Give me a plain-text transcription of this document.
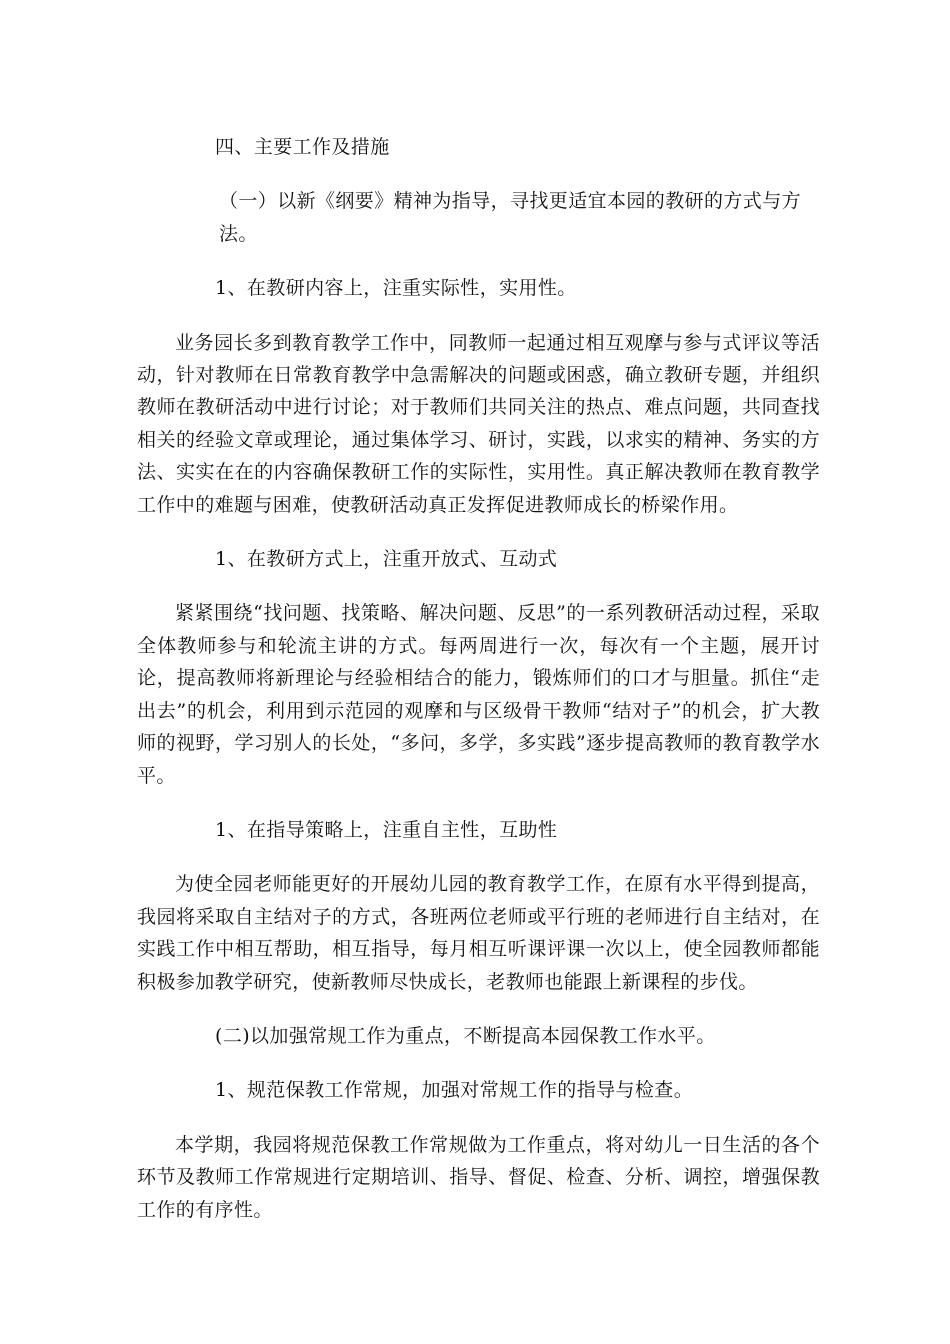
四、主要工作及措施

（一）以新《纲要》精神为指导，寻找更适宜本园的教研的方式与方法。

1、在教研内容上，注重实际性，实用性。

业务园长多到教育教学工作中，同教师一起通过相互观摩与参与式评议等活动，针对教师在日常教育教学中急需解决的问题或困惑，确立教研专题，并组织教师在教研活动中进行讨论；对于教师们共同关注的热点、难点问题，共同查找相关的经验文章或理论，通过集体学习、研讨，实践，以求实的精神、务实的方法、实实在在的内容确保教研工作的实际性，实用性。真正解决教师在教育教学工作中的难题与困难，使教研活动真正发挥促进教师成长的桥梁作用。

1、在教研方式上，注重开放式、互动式

紧紧围绕“找问题、找策略、解决问题、反思”的一系列教研活动过程，采取全体教师参与和轮流主讲的方式。每两周进行一次，每次有一个主题，展开讨论，提高教师将新理论与经验相结合的能力，锻炼师们的口才与胆量。抓住“走出去”的机会，利用到示范园的观摩和与区级骨干教师“结对子”的机会，扩大教师的视野，学习别人的长处，“多问，多学，多实践”逐步提高教师的教育教学水平。

1、在指导策略上，注重自主性，互助性

为使全园老师能更好的开展幼儿园的教育教学工作，在原有水平得到提高，我园将采取自主结对子的方式，各班两位老师或平行班的老师进行自主结对，在实践工作中相互帮助，相互指导，每月相互听课评课一次以上，使全园教师都能积极参加教学研究，使新教师尽快成长，老教师也能跟上新课程的步伐。

(二)以加强常规工作为重点，不断提高本园保教工作水平。

1、规范保教工作常规，加强对常规工作的指导与检查。

本学期，我园将规范保教工作常规做为工作重点，将对幼儿一日生活的各个环节及教师工作常规进行定期培训、指导、督促、检查、分析、调控，增强保教工作的有序性。
